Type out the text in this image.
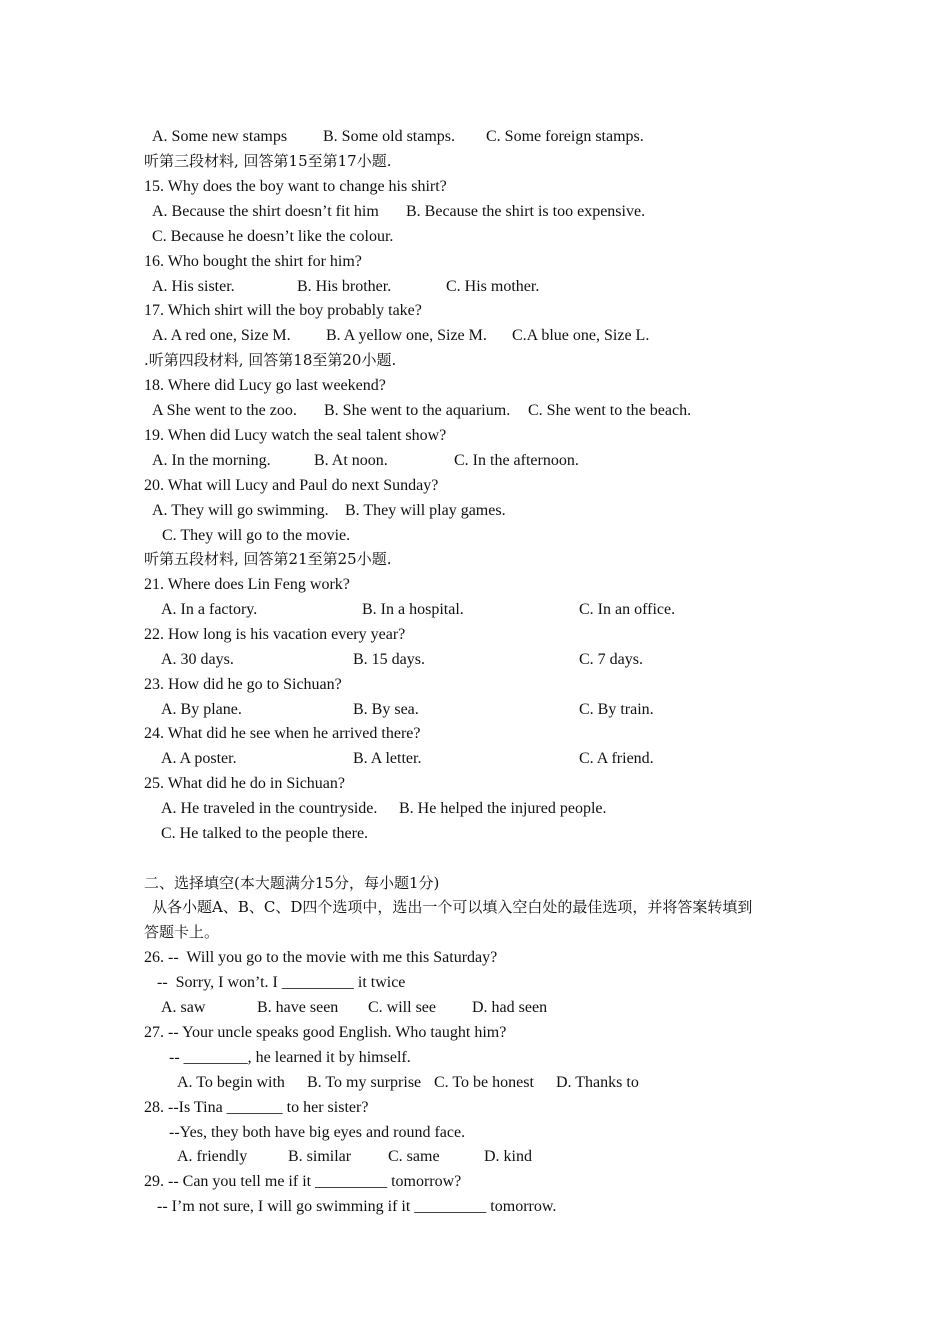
A. Some new stamps

B. Some old stamps.

C. Some foreign stamps.

听第三段材料, 回答第15至第17小题.

15. Why does the boy want to change his shirt?

A. Because the shirt doesn’t fit him

B. Because the shirt is too expensive.

C. Because he doesn’t like the colour.

16. Who bought the shirt for him?

A. His sister.

	B. His brother.

	C. His mother.

17. Which shirt will the boy probably take?

A. A red one, Size M.

B. A yellow one, Size M.

C.A blue one, Size L.

.听第四段材料, 回答第18至第20小题.

18. Where did Lucy go last weekend?

A She went to the zoo.

B. She went to the aquarium.

C. She went to the beach.

19. When did Lucy watch the seal talent show?

A. In the morning.

	B. At noon.

	C. In the afternoon.

20. What will Lucy and Paul do next Sunday?

A. They will go swimming.

B. They will play games.

C. They will go to the movie.

听第五段材料, 回答第21至第25小题.

21. Where does Lin Feng work?

A. In a factory.

	B. In a hospital.

	C. In an office.

22. How long is his vacation every year?

A. 30 days.

	B. 15 days.

	C. 7 days.

23. How did he go to Sichuan?

A. By plane.

	B. By sea.

	C. By train.

24. What did he see when he arrived there?

A. A poster.

	B. A letter.

	C. A friend.

25. What did he do in Sichuan?

A. He traveled in the countryside.

B. He helped the injured people.

C. He talked to the people there.

二、选择填空(本大题满分15分，每小题1分)

从各小题A、B、C、D四个选项中，选出一个可以填入空白处的最佳选项，并将答案转填到

答题卡上。

26. --  Will you go to the movie with me this Saturday?

--  Sorry, I won’t. I _________ it twice

A. saw

	B. have seen

C. will see

D. had seen

27. -- Your uncle speaks good English. Who taught him?

-- ________, he learned it by himself.

A. To begin with

B. To my surprise

C. To be honest

D. Thanks to

28. --Is Tina _______ to her sister?

--Yes, they both have big eyes and round face.

A. friendly

	B. similar

C. same

	D. kind

29. -- Can you tell me if it _________ tomorrow?

-- I’m not sure, I will go swimming if it _________ tomorrow.
